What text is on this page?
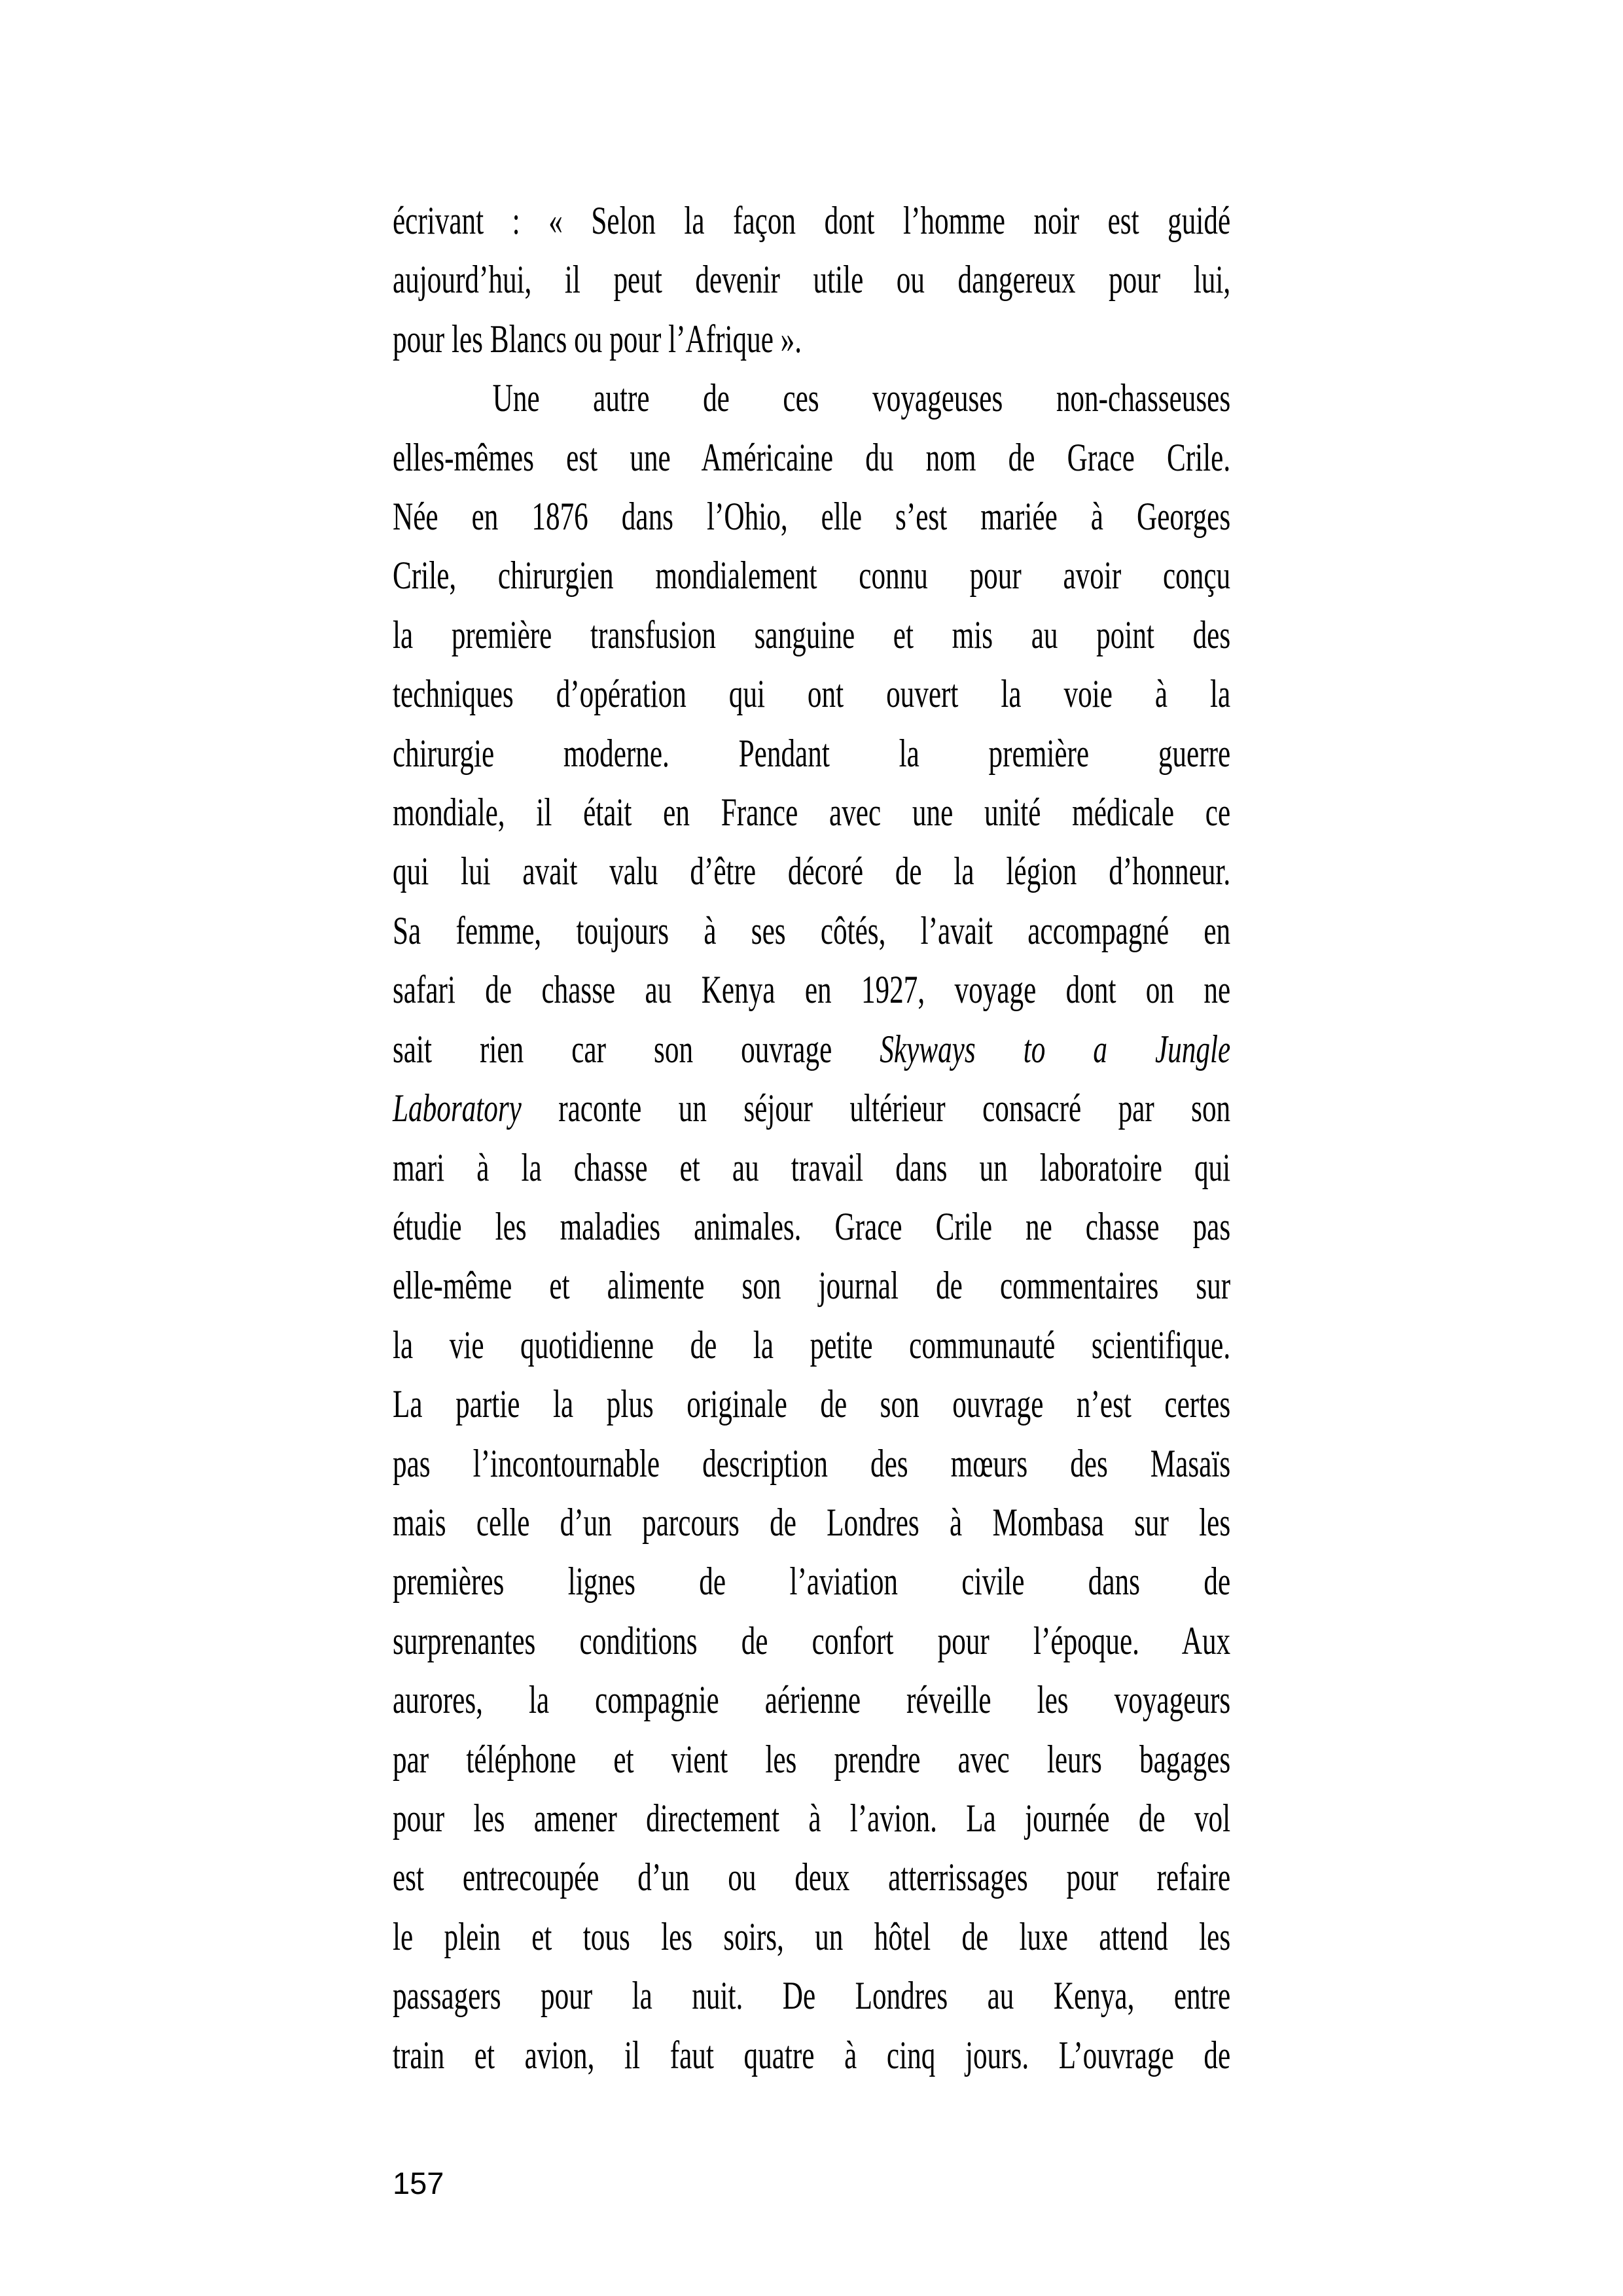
écrivant : « Selon la façon dont l’homme noir est guidé
aujourd’hui, il peut devenir utile ou dangereux pour lui,
pour les Blancs ou pour l’Afrique ».
Une autre de ces voyageuses non-chasseuses
elles-mêmes est une Américaine du nom de Grace Crile.
Née en 1876 dans l’Ohio, elle s’est mariée à Georges
Crile, chirurgien mondialement connu pour avoir conçu
la première transfusion sanguine et mis au point des
techniques d’opération qui ont ouvert la voie à la
chirurgie moderne. Pendant la première guerre
mondiale, il était en France avec une unité médicale ce
qui lui avait valu d’être décoré de la légion d’honneur.
Sa femme, toujours à ses côtés, l’avait accompagné en
safari de chasse au Kenya en 1927, voyage dont on ne
sait rien car son ouvrage Skyways to a Jungle
Laboratory raconte un séjour ultérieur consacré par son
mari à la chasse et au travail dans un laboratoire qui
étudie les maladies animales. Grace Crile ne chasse pas
elle-même et alimente son journal de commentaires sur
la vie quotidienne de la petite communauté scientifique.
La partie la plus originale de son ouvrage n’est certes
pas l’incontournable description des mœurs des Masaïs
mais celle d’un parcours de Londres à Mombasa sur les
premières lignes de l’aviation civile dans de
surprenantes conditions de confort pour l’époque. Aux
aurores, la compagnie aérienne réveille les voyageurs
par téléphone et vient les prendre avec leurs bagages
pour les amener directement à l’avion. La journée de vol
est entrecoupée d’un ou deux atterrissages pour refaire
le plein et tous les soirs, un hôtel de luxe attend les
passagers pour la nuit. De Londres au Kenya, entre
train et avion, il faut quatre à cinq jours. L’ouvrage de
157
